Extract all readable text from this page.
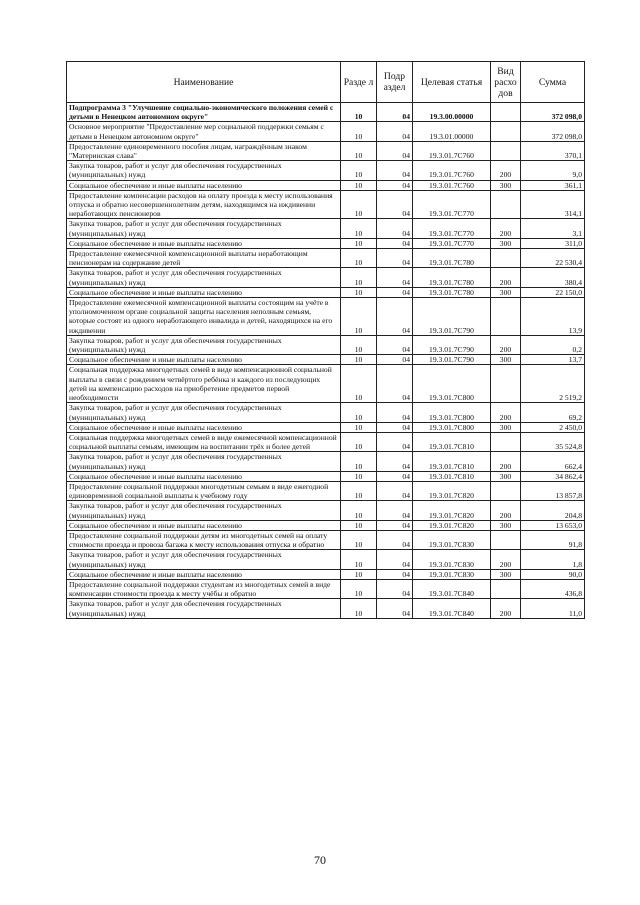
Наименование	Разде л	Подр аздел	Целевая статья	Вид расхо дов	Сумма
Подпрограмма 3 "Улучшение социально-экономического положения семей с детьми в Ненецком автономном округе"	10	04	19.3.00.00000		372 098,0
Основное мероприятие "Предоставление мер социальной поддержки семьям с детьми в Ненецком автономном округе"	10	04	19.3.01.00000		372 098,0
Предоставление единовременного пособия лицам, награждённым знаком "Материнская слава"	10	04	19.3.01.7С760		370,1
Закупка товаров, работ и услуг для обеспечения государственных (муниципальных) нужд	10	04	19.3.01.7С760	200	9,0
Социальное обеспечение и иные выплаты населению	10	04	19.3.01.7С760	300	361,1
Предоставление компенсации расходов на оплату проезда к месту использования отпуска и обратно несовершеннолетним детям, находящимся на иждивении неработающих пенсионеров	10	04	19.3.01.7С770		314,1
Закупка товаров, работ и услуг для обеспечения государственных (муниципальных) нужд	10	04	19.3.01.7С770	200	3,1
Социальное обеспечение и иные выплаты населению	10	04	19.3.01.7С770	300	311,0
Предоставление ежемесячной компенсационной выплаты неработающим пенсионерам на содержание детей	10	04	19.3.01.7С780		22 530,4
Закупка товаров, работ и услуг для обеспечения государственных (муниципальных) нужд	10	04	19.3.01.7С780	200	380,4
Социальное обеспечение и иные выплаты населению	10	04	19.3.01.7С780	300	22 150,0
Предоставление ежемесячной компенсационной выплаты состоящим на учёте в уполномоченном органе социальной защиты населения неполным семьям, которые состоят из одного неработающего инвалида и детей, находящихся на его иждивении	10	04	19.3.01.7С790		13,9
Закупка товаров, работ и услуг для обеспечения государственных (муниципальных) нужд	10	04	19.3.01.7С790	200	0,2
Социальное обеспечение и иные выплаты населению	10	04	19.3.01.7С790	300	13,7
Социальная поддержка многодетных семей в виде компенсационной социальной выплаты в связи с рождением четвёртого ребёнка и каждого из последующих детей на компенсацию расходов на приобретение предметов первой необходимости	10	04	19.3.01.7С800		2 519,2
Закупка товаров, работ и услуг для обеспечения государственных (муниципальных) нужд	10	04	19.3.01.7С800	200	69,2
Социальное обеспечение и иные выплаты населению	10	04	19.3.01.7С800	300	2 450,0
Социальная поддержка многодетных семей в виде ежемесячной компенсационной социальной выплаты семьям, имеющим на воспитании трёх и более детей	10	04	19.3.01.7С810		35 524,8
Закупка товаров, работ и услуг для обеспечения государственных (муниципальных) нужд	10	04	19.3.01.7С810	200	662,4
Социальное обеспечение и иные выплаты населению	10	04	19.3.01.7С810	300	34 862,4
Предоставление социальной поддержки многодетным семьям в виде ежегодной единовременной социальной выплаты к учебному году	10	04	19.3.01.7С820		13 857,8
Закупка товаров, работ и услуг для обеспечения государственных (муниципальных) нужд	10	04	19.3.01.7С820	200	204,8
Социальное обеспечение и иные выплаты населению	10	04	19.3.01.7С820	300	13 653,0
Предоставление социальной поддержки детям из многодетных семей на оплату стоимости проезда и провоза багажа к месту использования отпуска и обратно	10	04	19.3.01.7С830		91,8
Закупка товаров, работ и услуг для обеспечения государственных (муниципальных) нужд	10	04	19.3.01.7С830	200	1,8
Социальное обеспечение и иные выплаты населению	10	04	19.3.01.7С830	300	90,0
Предоставление социальной поддержки студентам из многодетных семей в виде компенсации стоимости проезда к месту учёбы и обратно	10	04	19.3.01.7С840		436,8
Закупка товаров, работ и услуг для обеспечения государственных (муниципальных) нужд	10	04	19.3.01.7С840	200	11,0
70
